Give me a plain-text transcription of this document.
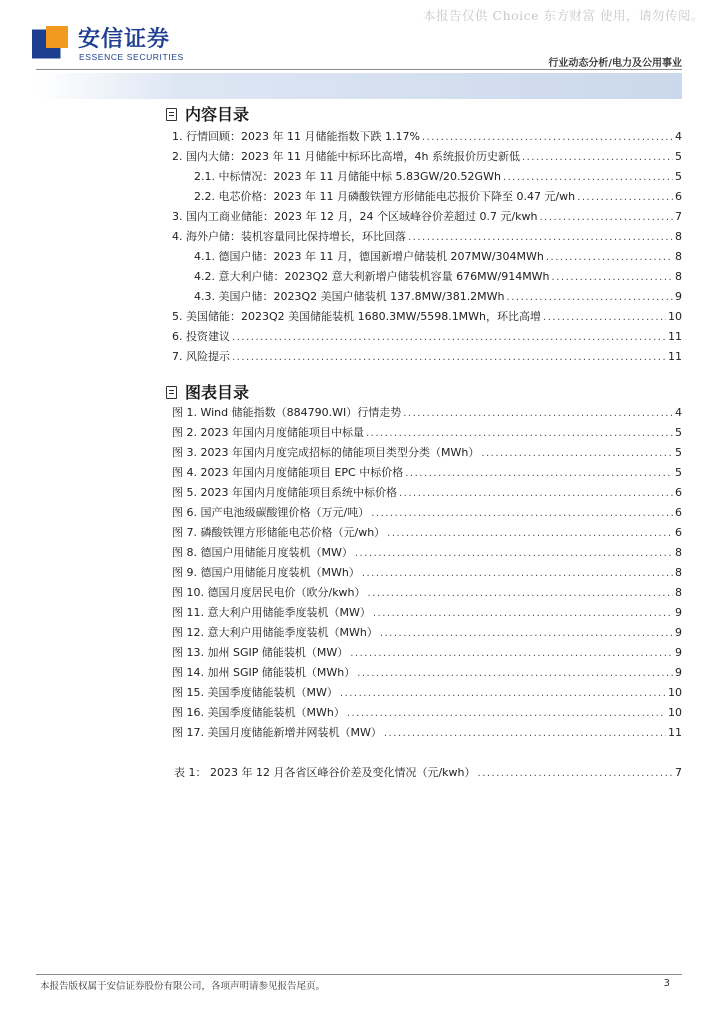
本报告仅供 Choice 东方财富 使用，请勿传阅。
安信证券
ESSENCE SECURITIES
行业动态分析/电力及公用事业
内容目录
1. 行情回顾：2023 年 11 月储能指数下跌 1.17% .....	4
2. 国内大储：2023 年 11 月储能中标环比高增，4h 系统报价历史新低 .....	5
2.1. 中标情况：2023 年 11 月储能中标 5.83GW/20.52GWh .....	5
2.2. 电芯价格：2023 年 11 月磷酸铁锂方形储能电芯报价下降至 0.47 元/wh .....	6
3. 国内工商业储能：2023 年 12 月，24 个区域峰谷价差超过 0.7 元/kwh .....	7
4. 海外户储：装机容量同比保持增长，环比回落 .....	8
4.1. 德国户储：2023 年 11 月，德国新增户储装机 207MW/304MWh .....	8
4.2. 意大利户储：2023Q2 意大利新增户储装机容量 676MW/914MWh .....	8
4.3. 美国户储：2023Q2 美国户储装机 137.8MW/381.2MWh .....	9
5. 美国储能：2023Q2 美国储能装机 1680.3MW/5598.1MWh，环比高增 .....	10
6. 投资建议 .....	11
7. 风险提示 .....	11
图表目录
图 1. Wind 储能指数（884790.WI）行情走势 .....	4
图 2. 2023 年国内月度储能项目中标量 .....	5
图 3. 2023 年国内月度完成招标的储能项目类型分类（MWh） .....	5
图 4. 2023 年国内月度储能项目 EPC 中标价格 .....	5
图 5. 2023 年国内月度储能项目系统中标价格 .....	6
图 6. 国产电池级碳酸锂价格（万元/吨） .....	6
图 7. 磷酸铁锂方形储能电芯价格（元/wh） .....	6
图 8. 德国户用储能月度装机（MW） .....	8
图 9. 德国户用储能月度装机（MWh） .....	8
图 10. 德国月度居民电价（欧分/kwh） .....	8
图 11. 意大利户用储能季度装机（MW） .....	9
图 12. 意大利户用储能季度装机（MWh） .....	9
图 13. 加州 SGIP 储能装机（MW） .....	9
图 14. 加州 SGIP 储能装机（MWh） .....	9
图 15. 美国季度储能装机（MW） .....	10
图 16. 美国季度储能装机（MWh） .....	10
图 17. 美国月度储能新增并网装机（MW） .....	11
表 1： 2023 年 12 月各省区峰谷价差及变化情况（元/kwh） .....	7
本报告版权属于安信证券股份有限公司，各项声明请参见报告尾页。	3
